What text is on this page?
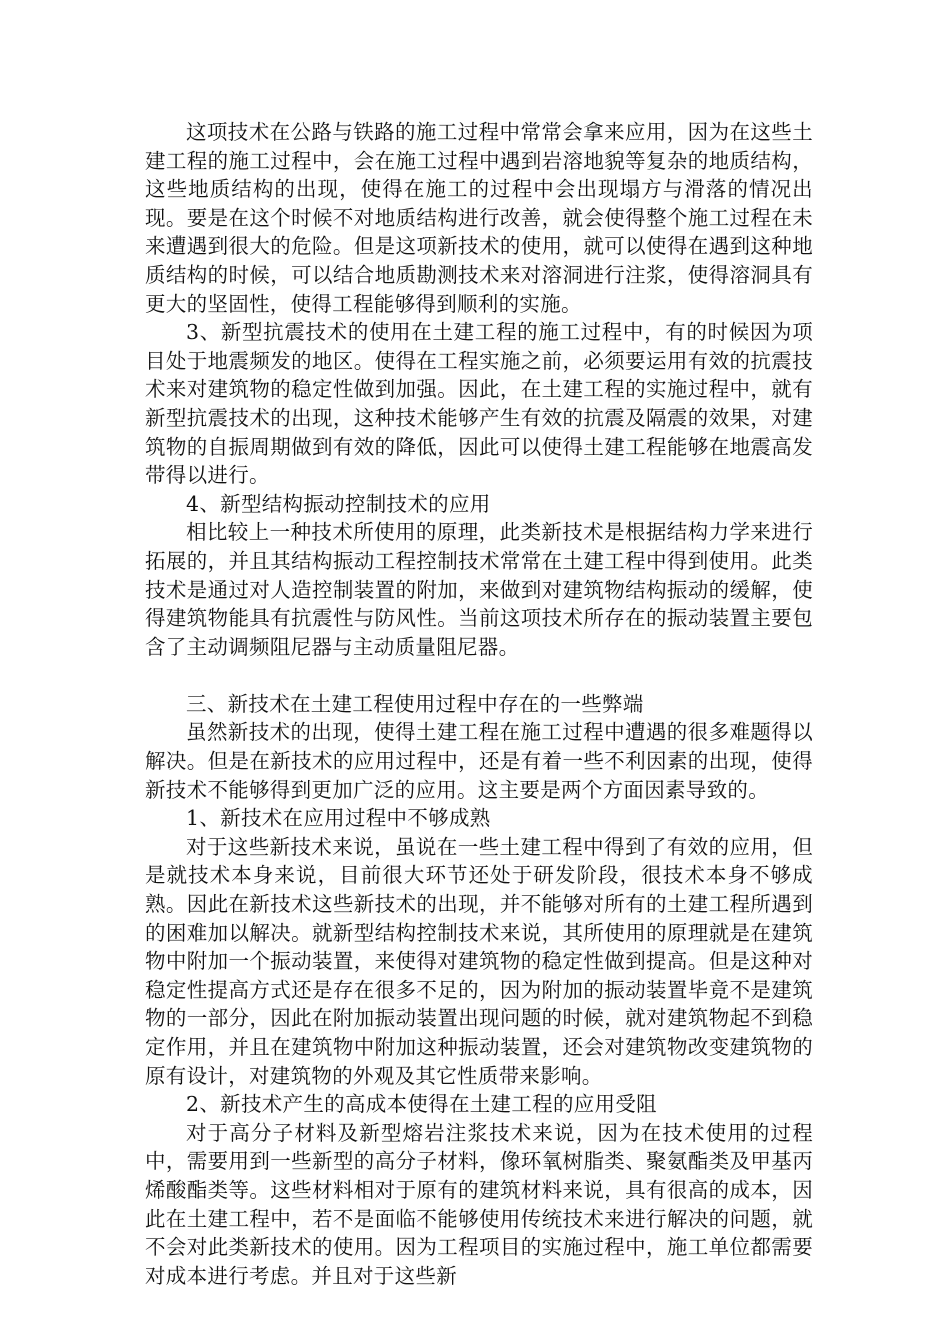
这项技术在公路与铁路的施工过程中常常会拿来应用，因为在这些土建工程的施工过程中，会在施工过程中遇到岩溶地貌等复杂的地质结构，这些地质结构的出现，使得在施工的过程中会出现塌方与滑落的情况出现。要是在这个时候不对地质结构进行改善，就会使得整个施工过程在未来遭遇到很大的危险。但是这项新技术的使用，就可以使得在遇到这种地质结构的时候，可以结合地质勘测技术来对溶洞进行注浆，使得溶洞具有更大的坚固性，使得工程能够得到顺利的实施。

3、新型抗震技术的使用在土建工程的施工过程中，有的时候因为项目处于地震频发的地区。使得在工程实施之前，必须要运用有效的抗震技术来对建筑物的稳定性做到加强。因此，在土建工程的实施过程中，就有新型抗震技术的出现，这种技术能够产生有效的抗震及隔震的效果，对建筑物的自振周期做到有效的降低，因此可以使得土建工程能够在地震高发带得以进行。

4、新型结构振动控制技术的应用

相比较上一种技术所使用的原理，此类新技术是根据结构力学来进行拓展的，并且其结构振动工程控制技术常常在土建工程中得到使用。此类技术是通过对人造控制装置的附加，来做到对建筑物结构振动的缓解，使得建筑物能具有抗震性与防风性。当前这项技术所存在的振动装置主要包含了主动调频阻尼器与主动质量阻尼器。

三、新技术在土建工程使用过程中存在的一些弊端

虽然新技术的出现，使得土建工程在施工过程中遭遇的很多难题得以解决。但是在新技术的应用过程中，还是有着一些不利因素的出现，使得新技术不能够得到更加广泛的应用。这主要是两个方面因素导致的。

1、新技术在应用过程中不够成熟

对于这些新技术来说，虽说在一些土建工程中得到了有效的应用，但是就技术本身来说，目前很大环节还处于研发阶段，很技术本身不够成熟。因此在新技术这些新技术的出现，并不能够对所有的土建工程所遇到的困难加以解决。就新型结构控制技术来说，其所使用的原理就是在建筑物中附加一个振动装置，来使得对建筑物的稳定性做到提高。但是这种对稳定性提高方式还是存在很多不足的，因为附加的振动装置毕竟不是建筑物的一部分，因此在附加振动装置出现问题的时候，就对建筑物起不到稳定作用，并且在建筑物中附加这种振动装置，还会对建筑物改变建筑物的原有设计，对建筑物的外观及其它性质带来影响。

2、新技术产生的高成本使得在土建工程的应用受阻

对于高分子材料及新型熔岩注浆技术来说，因为在技术使用的过程中，需要用到一些新型的高分子材料，像环氧树脂类、聚氨酯类及甲基丙烯酸酯类等。这些材料相对于原有的建筑材料来说，具有很高的成本，因此在土建工程中，若不是面临不能够使用传统技术来进行解决的问题，就不会对此类新技术的使用。因为工程项目的实施过程中，施工单位都需要对成本进行考虑。并且对于这些新
